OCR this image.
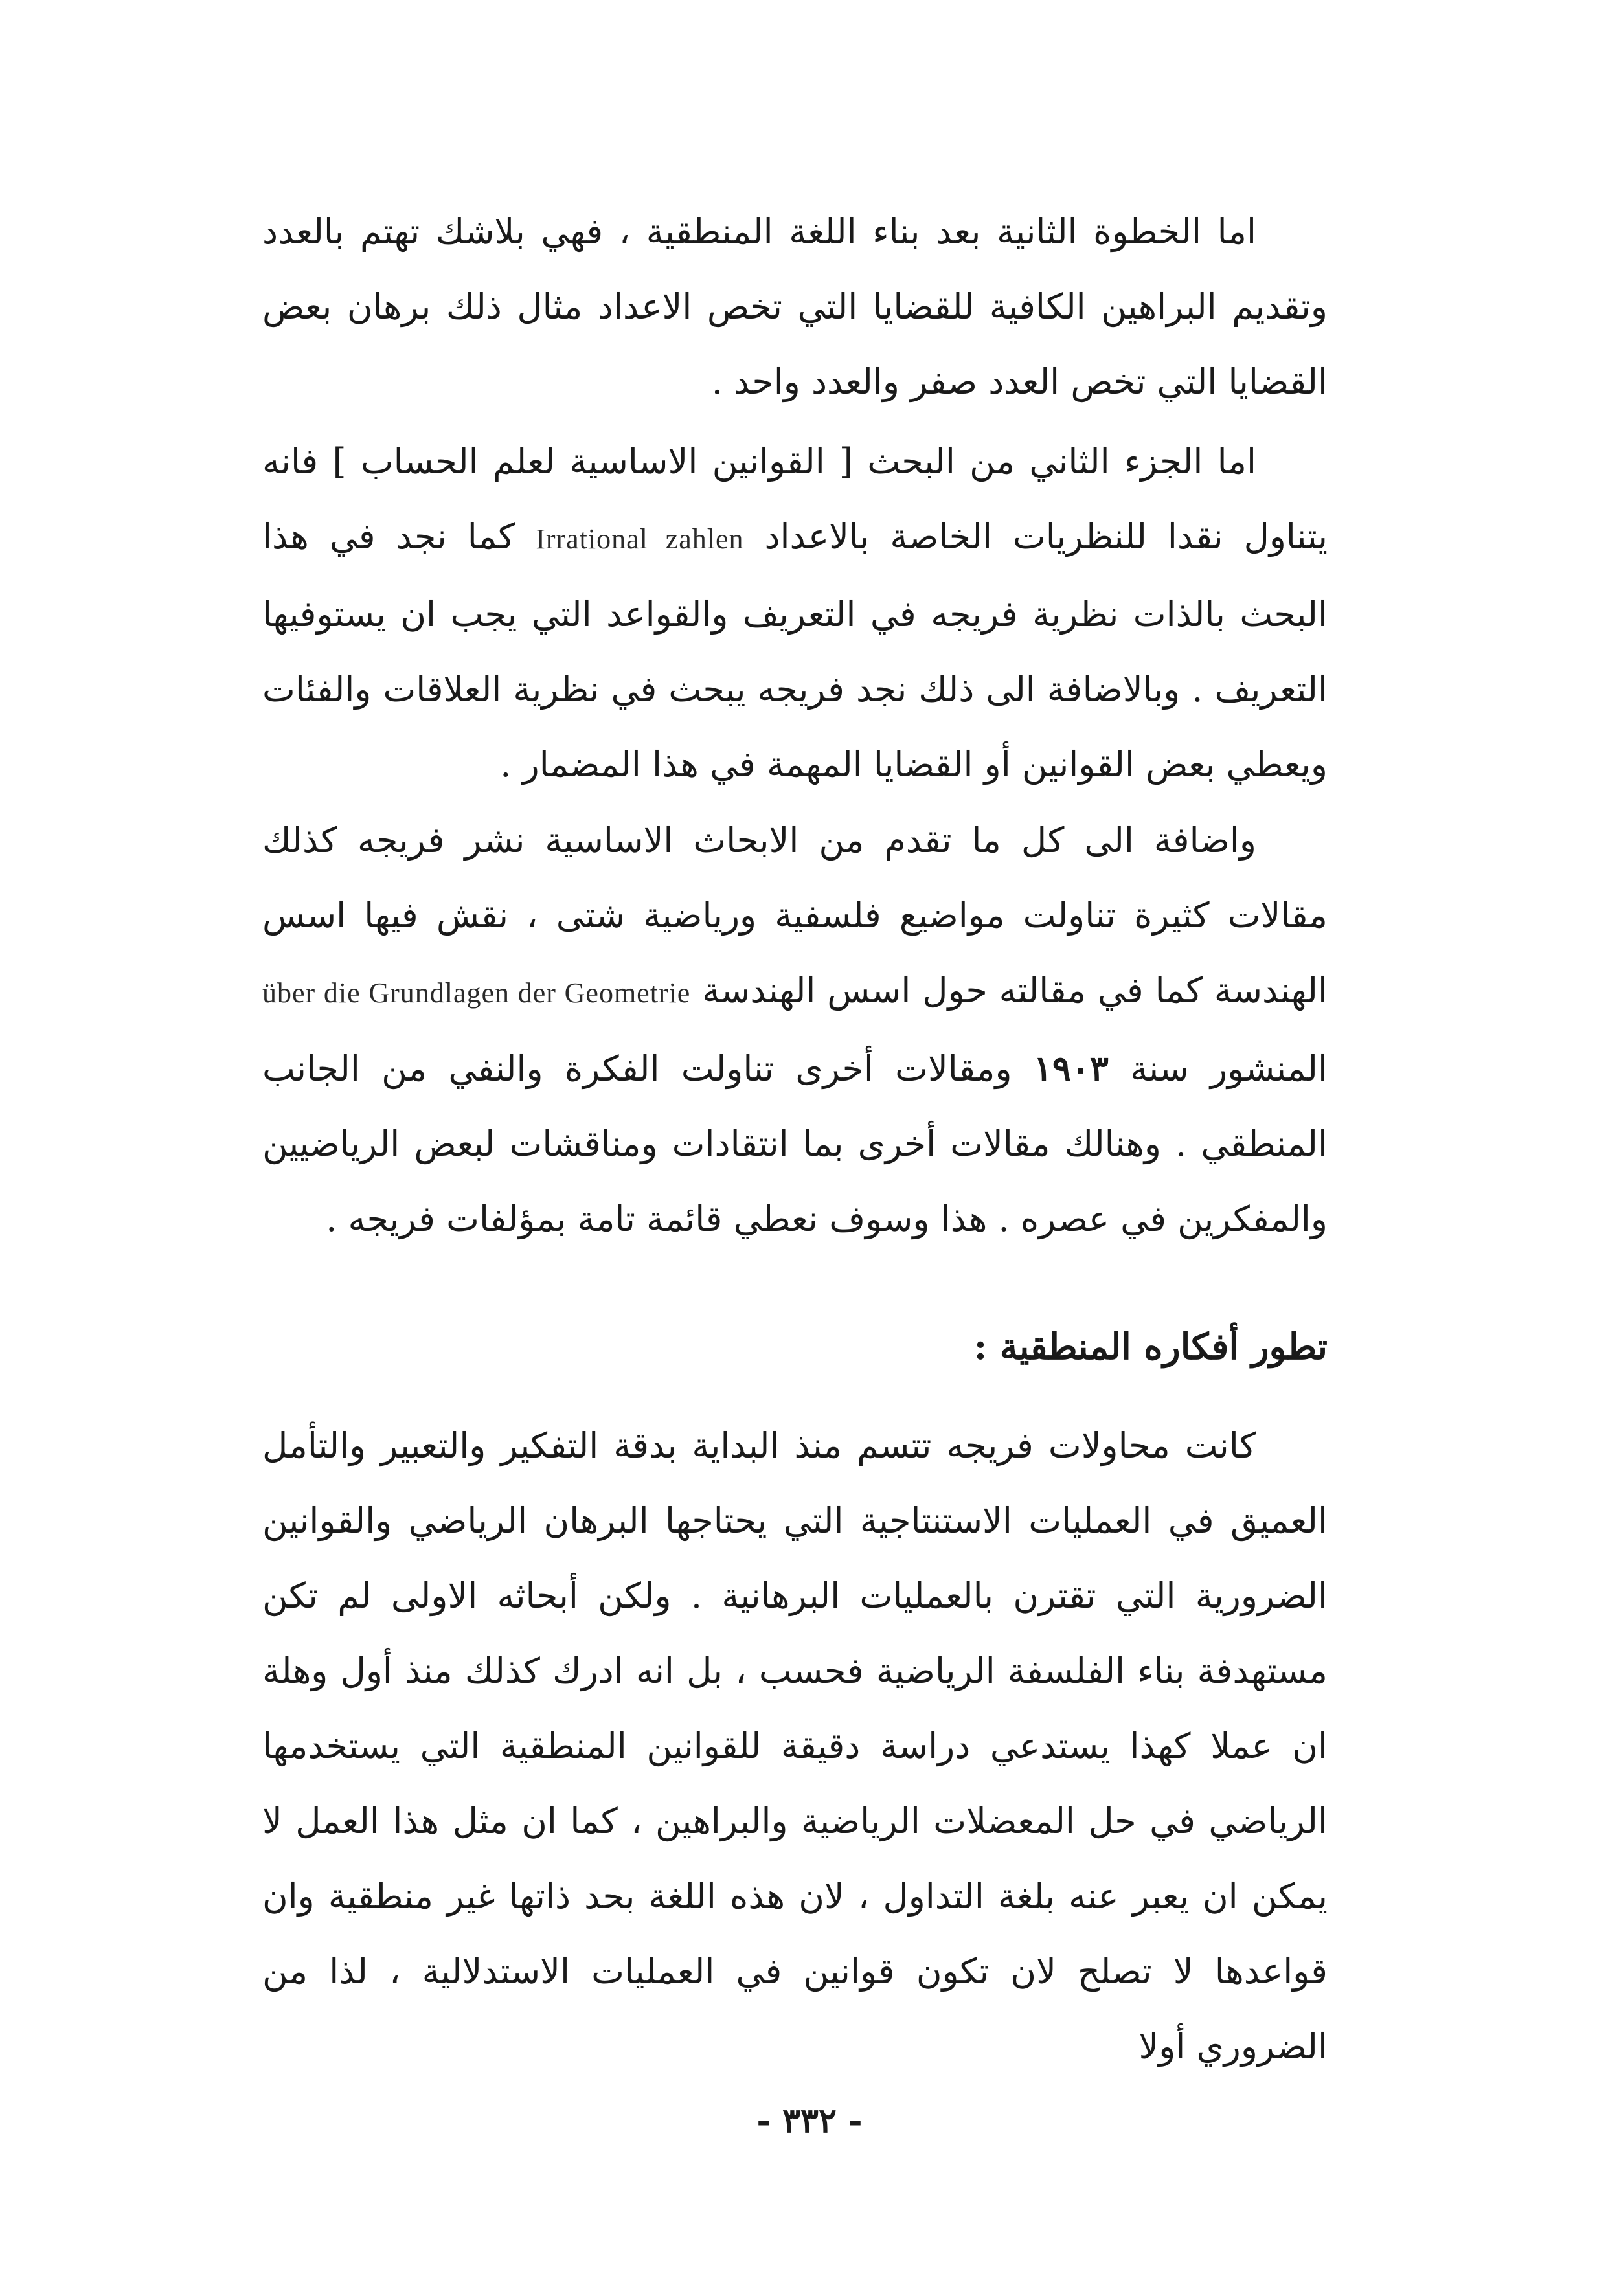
اما الخطوة الثانية بعد بناء اللغة المنطقية ، فهي بلاشك تهتم بالعدد وتقديم البراهين الكافية للقضايا التي تخص الاعداد مثال ذلك برهان بعض القضايا التي تخص العدد صفر والعدد واحد .

اما الجزء الثاني من البحث [ القوانين الاساسية لعلم الحساب ] فانه يتناول نقدا للنظريات الخاصة بالاعداد Irrational zahlen كما نجد في هذا البحث بالذات نظرية فريجه في التعريف والقواعد التي يجب ان يستوفيها التعريف . وبالاضافة الى ذلك نجد فريجه يبحث في نظرية العلاقات والفئات ويعطي بعض القوانين أو القضايا المهمة في هذا المضمار .

واضافة الى كل ما تقدم من الابحاث الاساسية نشر فريجه كذلك مقالات كثيرة تناولت مواضيع فلسفية ورياضية شتى ، نقش فيها اسس الهندسة كما في مقالته حول اسس الهندسة über die Grundlagen der Geometrie المنشور سنة ١٩٠٣ ومقالات أخرى تناولت الفكرة والنفي من الجانب المنطقي . وهنالك مقالات أخرى بما انتقادات ومناقشات لبعض الرياضيين والمفكرين في عصره . هذا وسوف نعطي قائمة تامة بمؤلفات فريجه .

تطور أفكاره المنطقية :

كانت محاولات فريجه تتسم منذ البداية بدقة التفكير والتعبير والتأمل العميق في العمليات الاستنتاجية التي يحتاجها البرهان الرياضي والقوانين الضرورية التي تقترن بالعمليات البرهانية . ولكن أبحاثه الاولى لم تكن مستهدفة بناء الفلسفة الرياضية فحسب ، بل انه ادرك كذلك منذ أول وهلة ان عملا كهذا يستدعي دراسة دقيقة للقوانين المنطقية التي يستخدمها الرياضي في حل المعضلات الرياضية والبراهين ، كما ان مثل هذا العمل لا يمكن ان يعبر عنه بلغة التداول ، لان هذه اللغة بحد ذاتها غير منطقية وان قواعدها لا تصلح لان تكون قوانين في العمليات الاستدلالية ، لذا من الضروري أولا

- ٣٣٢ -
